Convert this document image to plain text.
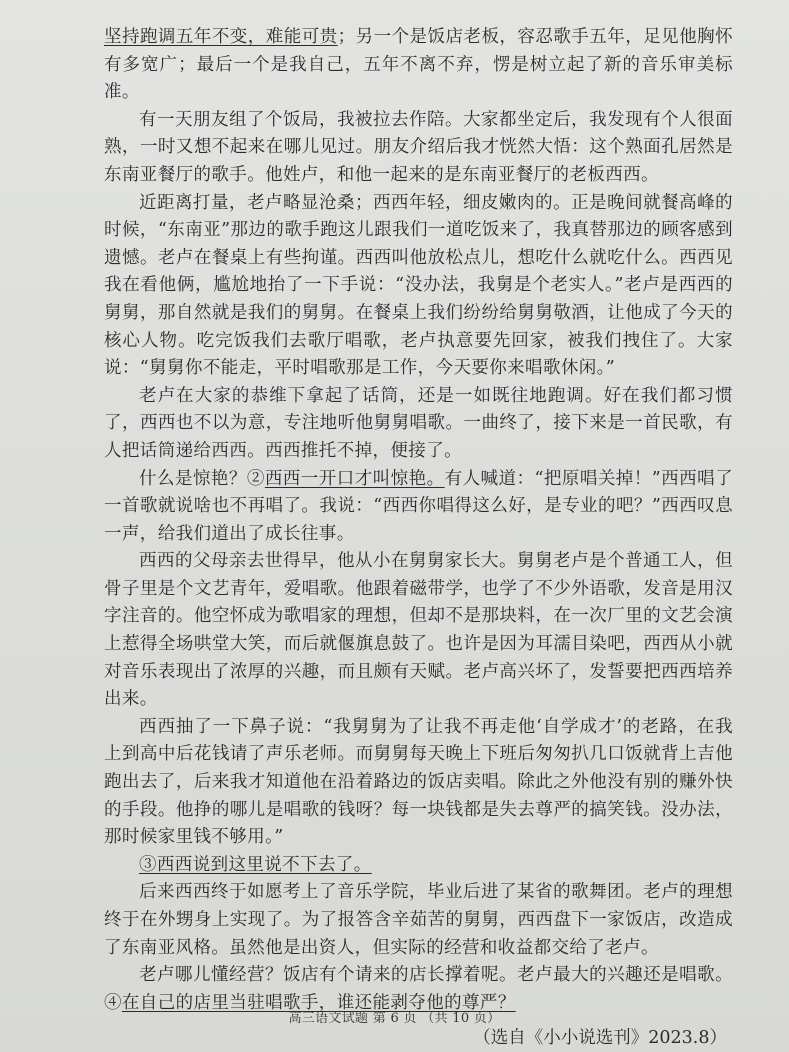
坚持跑调五年不变，难能可贵；另一个是饭店老板，容忍歌手五年，足见他胸怀有多宽广；最后一个是我自己，五年不离不弃，愣是树立起了新的音乐审美标准。

有一天朋友组了个饭局，我被拉去作陪。大家都坐定后，我发现有个人很面熟，一时又想不起来在哪儿见过。朋友介绍后我才恍然大悟：这个熟面孔居然是东南亚餐厅的歌手。他姓卢，和他一起来的是东南亚餐厅的老板西西。

近距离打量，老卢略显沧桑；西西年轻，细皮嫩肉的。正是晚间就餐高峰的时候，“东南亚”那边的歌手跑这儿跟我们一道吃饭来了，我真替那边的顾客感到遗憾。老卢在餐桌上有些拘谨。西西叫他放松点儿，想吃什么就吃什么。西西见我在看他俩，尴尬地抬了一下手说：“没办法，我舅是个老实人。”老卢是西西的舅舅，那自然就是我们的舅舅。在餐桌上我们纷纷给舅舅敬酒，让他成了今天的核心人物。吃完饭我们去歌厅唱歌，老卢执意要先回家，被我们拽住了。大家说：“舅舅你不能走，平时唱歌那是工作，今天要你来唱歌休闲。”

老卢在大家的恭维下拿起了话筒，还是一如既往地跑调。好在我们都习惯了，西西也不以为意，专注地听他舅舅唱歌。一曲终了，接下来是一首民歌，有人把话筒递给西西。西西推托不掉，便接了。

什么是惊艳？②西西一开口才叫惊艳。有人喊道：“把原唱关掉！”西西唱了一首歌就说啥也不再唱了。我说：“西西你唱得这么好，是专业的吧？”西西叹息一声，给我们道出了成长往事。

西西的父母亲去世得早，他从小在舅舅家长大。舅舅老卢是个普通工人，但骨子里是个文艺青年，爱唱歌。他跟着磁带学，也学了不少外语歌，发音是用汉字注音的。他空怀成为歌唱家的理想，但却不是那块料，在一次厂里的文艺会演上惹得全场哄堂大笑，而后就偃旗息鼓了。也许是因为耳濡目染吧，西西从小就对音乐表现出了浓厚的兴趣，而且颇有天赋。老卢高兴坏了，发誓要把西西培养出来。

西西抽了一下鼻子说：“我舅舅为了让我不再走他‘自学成才’的老路，在我上到高中后花钱请了声乐老师。而舅舅每天晚上下班后匆匆扒几口饭就背上吉他跑出去了，后来我才知道他在沿着路边的饭店卖唱。除此之外他没有别的赚外快的手段。他挣的哪儿是唱歌的钱呀？每一块钱都是失去尊严的搞笑钱。没办法，那时候家里钱不够用。”

③西西说到这里说不下去了。

后来西西终于如愿考上了音乐学院，毕业后进了某省的歌舞团。老卢的理想终于在外甥身上实现了。为了报答含辛茹苦的舅舅，西西盘下一家饭店，改造成了东南亚风格。虽然他是出资人，但实际的经营和收益都交给了老卢。

老卢哪儿懂经营？饭店有个请来的店长撑着呢。老卢最大的兴趣还是唱歌。④在自己的店里当驻唱歌手，谁还能剥夺他的尊严？

（选自《小小说选刊》2023.8）

高三语文试题 第 6 页 （共 10 页）
